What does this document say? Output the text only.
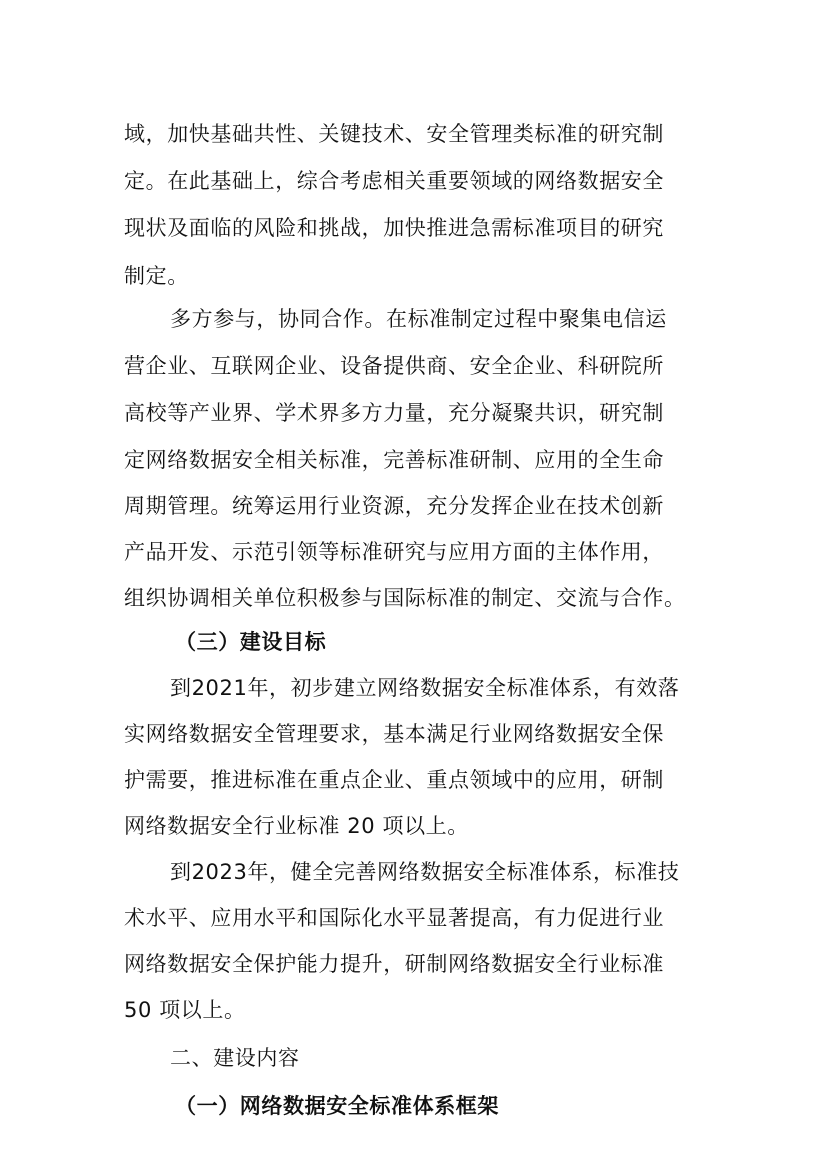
域，加快基础共性、关键技术、安全管理类标准的研究制
定。在此基础上，综合考虑相关重要领域的网络数据安全
现状及面临的风险和挑战，加快推进急需标准项目的研究
制定。
多方参与，协同合作。在标准制定过程中聚集电信运
营企业、互联网企业、设备提供商、安全企业、科研院所
高校等产业界、学术界多方力量，充分凝聚共识，研究制
定网络数据安全相关标准，完善标准研制、应用的全生命
周期管理。统筹运用行业资源，充分发挥企业在技术创新
产品开发、示范引领等标准研究与应用方面的主体作用，
组织协调相关单位积极参与国际标准的制定、交流与合作。
（三）建设目标
到2021年，初步建立网络数据安全标准体系，有效落
实网络数据安全管理要求，基本满足行业网络数据安全保
护需要，推进标准在重点企业、重点领域中的应用，研制
网络数据安全行业标准 20 项以上。
到2023年，健全完善网络数据安全标准体系，标准技
术水平、应用水平和国际化水平显著提高，有力促进行业
网络数据安全保护能力提升，研制网络数据安全行业标准
50 项以上。
二、建设内容
（一）网络数据安全标准体系框架
